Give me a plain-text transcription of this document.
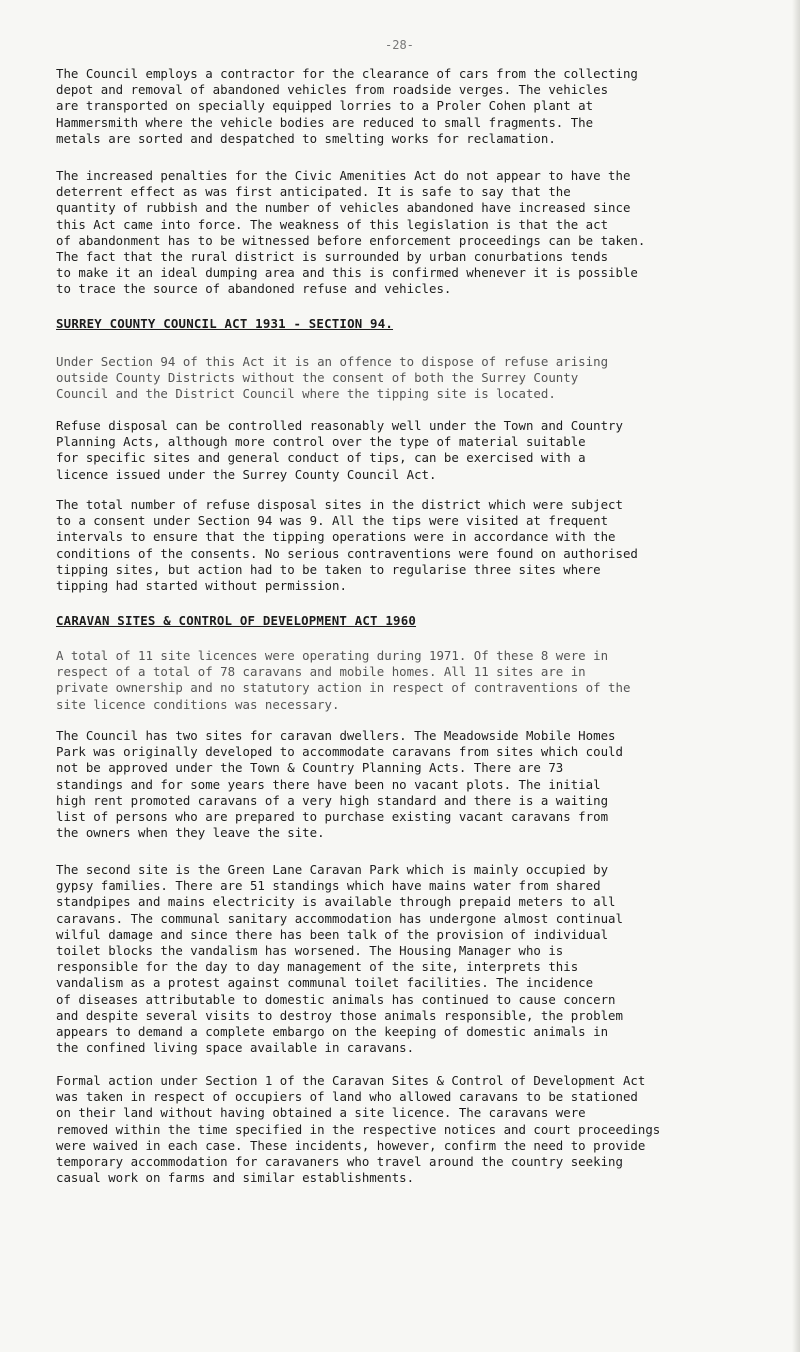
-28-

The Council employs a contractor for the clearance of cars from the collecting
depot and removal of abandoned vehicles from roadside verges. The vehicles
are transported on specially equipped lorries to a Proler Cohen plant at
Hammersmith where the vehicle bodies are reduced to small fragments. The
metals are sorted and despatched to smelting works for reclamation.

The increased penalties for the Civic Amenities Act do not appear to have the
deterrent effect as was first anticipated. It is safe to say that the
quantity of rubbish and the number of vehicles abandoned have increased since
this Act came into force. The weakness of this legislation is that the act
of abandonment has to be witnessed before enforcement proceedings can be taken.
The fact that the rural district is surrounded by urban conurbations tends
to make it an ideal dumping area and this is confirmed whenever it is possible
to trace the source of abandoned refuse and vehicles.

SURREY COUNTY COUNCIL ACT 1931 - SECTION 94.

Under Section 94 of this Act it is an offence to dispose of refuse arising
outside County Districts without the consent of both the Surrey County
Council and the District Council where the tipping site is located.

Refuse disposal can be controlled reasonably well under the Town and Country
Planning Acts, although more control over the type of material suitable
for specific sites and general conduct of tips, can be exercised with a
licence issued under the Surrey County Council Act.

The total number of refuse disposal sites in the district which were subject
to a consent under Section 94 was 9. All the tips were visited at frequent
intervals to ensure that the tipping operations were in accordance with the
conditions of the consents. No serious contraventions were found on authorised
tipping sites, but action had to be taken to regularise three sites where
tipping had started without permission.

CARAVAN SITES & CONTROL OF DEVELOPMENT ACT 1960

A total of 11 site licences were operating during 1971. Of these 8 were in
respect of a total of 78 caravans and mobile homes. All 11 sites are in
private ownership and no statutory action in respect of contraventions of the
site licence conditions was necessary.

The Council has two sites for caravan dwellers. The Meadowside Mobile Homes
Park was originally developed to accommodate caravans from sites which could
not be approved under the Town & Country Planning Acts. There are 73
standings and for some years there have been no vacant plots. The initial
high rent promoted caravans of a very high standard and there is a waiting
list of persons who are prepared to purchase existing vacant caravans from
the owners when they leave the site.

The second site is the Green Lane Caravan Park which is mainly occupied by
gypsy families. There are 51 standings which have mains water from shared
standpipes and mains electricity is available through prepaid meters to all
caravans. The communal sanitary accommodation has undergone almost continual
wilful damage and since there has been talk of the provision of individual
toilet blocks the vandalism has worsened. The Housing Manager who is
responsible for the day to day management of the site, interprets this
vandalism as a protest against communal toilet facilities. The incidence
of diseases attributable to domestic animals has continued to cause concern
and despite several visits to destroy those animals responsible, the problem
appears to demand a complete embargo on the keeping of domestic animals in
the confined living space available in caravans.

Formal action under Section 1 of the Caravan Sites & Control of Development Act
was taken in respect of occupiers of land who allowed caravans to be stationed
on their land without having obtained a site licence. The caravans were
removed within the time specified in the respective notices and court proceedings
were waived in each case. These incidents, however, confirm the need to provide
temporary accommodation for caravaners who travel around the country seeking
casual work on farms and similar establishments.
